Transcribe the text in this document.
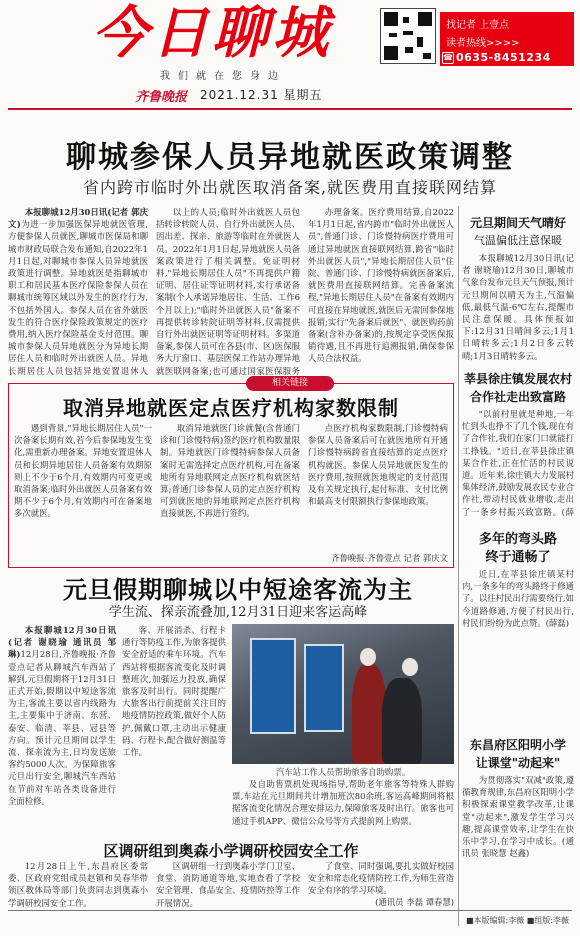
今日聊城
我们就在您身边
齐鲁晚报 2021.12.31 星期五
找记者 上壹点
读者热线>>>>
☎ 0635-8451234
聊城参保人员异地就医政策调整
省内跨市临时外出就医取消备案,就医费用直接联网结算

本报聊城12月30日讯(记者 郭庆文)为进一步加强医保异地就医管理,方便参保人员就医,聊城市医保局和聊城市财政局联合发布通知,自2022年1月1日起,对聊城市参保人员异地就医政策进行调整。异地就医是指聊城市职工和居民基本医疗保险参保人员在聊城市统筹区域以外发生的医疗行为,不包括外国人。参保人员在省外就医发生的符合医疗保险政策规定的医疗费用,纳入医疗保险基金支付范围。聊城市参保人员异地就医分为异地长期居住人员和临时外出就医人员。异地长期居住人员包括异地安置退休人

以上的人员;临时外出就医人员包括转诊转院人员、自行外出就医人员、因出差、探亲、旅游等临时在外就医人员。2022年1月1日起,异地就医人员备案政策进行了相关调整。免证明材料,"异地长期居住人员"不再提供户籍证明、居住证等证明材料,实行承诺备案制(个人承诺异地居住、生活、工作6个月以上);"临时外出就医人员"备案不再提供转诊转院证明等材料,仅需提供自行外出就医证明等证明材料。多渠道备案,参保人员可在各县(市、区)医保服务大厅窗口、基层医保工作站办理异地就医联网备案;也可通过国家医保服务

办理备案。医疗费用结算,自2022年1月1日起,省内跨市"临时外出就医人员",普通门诊、门诊慢特病医疗费用可通过异地就医直接联网结算,跨省"临时外出就医人员","异地长期居住人员"住院、普通门诊、门诊慢特病就医备案后,就医费用直接联网结算。完善备案流程,"异地长期居住人员"在备案有效期内可直接在异地就医,就医后无需回参保地报销;实行"先备案后就医"、就医购药前备案(含补办备案)的,按规定享受医保报销待遇,且不再进行追溯报销,确保参保人员合法权益。

相关链接
取消异地就医定点医疗机构家数限制

遇到背景,"异地长期居住人员"一次备案长期有效,若今后参保地发生变化,需重新办理备案。异地安置退休人员和长期异地居住人员备案有效期原则上不少于6个月,有效期内可变更或取消备案;临时外出就医人员备案有效期不少于6个月,有效期内可在备案地多次就医。

取消异地就医门诊就餐(含普通门诊和门诊慢特病)签约医疗机构数量限制。异地就医门诊慢特病参保人员备案时无需选择定点医疗机构,可在备案地所有异地联网定点医疗机构就医结算;普通门诊参保人员的定点医疗机构可到就医地的异地联网定点医疗机构直接就医,不再进行签约。

点医疗机构家数限制,门诊慢特病参保人员备案后可在就医地所有开通门诊慢特病跨省直接结算的定点医疗机构就医。参保人员异地就医发生的医疗费用,按照就医地规定的支付范围及有关规定执行,起付标准、支付比例和最高支付限额执行参保地政策。

齐鲁晚报·齐鲁壹点 记者 郭庆文
元旦假期聊城以中短途客流为主
学生流、探亲流叠加,12月31日迎来客运高峰

本报聊城12月30日讯(记者 谢晓瑜 通讯员 邹琳)12月28日,齐鲁晚报·齐鲁壹点记者从聊城汽车西站了解到,元旦假期将于12月31日正式开始,假期以中短途客流为主,客流主要以省内线路为主,主要集中于济南、东营、泰安、临清、莘县、冠县等方向。预计元旦期间以学生流、探亲流为主,日均发送旅客约5000人次。为保障旅客元旦出行安全,聊城汽车西站在节前对车站各类设备进行全面检修。

客、开展消杀、行程卡通行等防疫工作,为旅客提供安全舒适的乘车环境。汽车西站将根据客流变化及时调整班次,加强运力投放,确保旅客及时出行。同时提醒广大旅客出行前提前关注目的地疫情防控政策,做好个人防护,佩戴口罩,主动出示健康码、行程卡,配合做好测温等工作。

汽车站工作人员帮助旅客自助购票。

及自助售票机处现场指导,帮助老年旅客等特殊人群购票,车站在元旦期间共计增加班次80余班,客运高峰期间将根据客流变化情况合理安排运力,保障旅客及时出行。旅客也可通过手机APP、微信公众号等方式提前网上购票。

区调研组到奥森小学调研校园安全工作

12月28日上午,东昌府区委常委、区政府党组成员赵镇和吴春华带领区教体局等部门负责同志到奥森小学调研校园安全工作。

区调研组一行到奥森小学门卫室、食堂、消防通道等地,实地查看了学校安全管理、食品安全、疫情防控等工作开展情况。

了食堂、同时强调,要扎实做好校园安全和常态化疫情防控工作,为师生营造安全有序的学习环境。

(通讯员 李磊 谭春慧)
元旦期间天气晴好
气温偏低注意保暖

本报聊城12月30日讯(记者 谢晓瑜)12月30日,聊城市气象台发布元旦天气预报,预计元旦期间以晴天为主,气温偏低,最低气温-6℃左右,提醒市民注意保暖。具体预报如下:12月31日晴间多云;1月1日晴转多云;1月2日多云转晴;1月3日晴转多云。

莘县徐庄镇发展农村
合作社走出致富路

"以前村里就是种地,一年忙到头也挣不了几个钱,现在有了合作社,我们在家门口就能打工挣钱。"近日,在莘县徐庄镇某合作社,正在忙活的村民说道。近年来,徐庄镇大力发展村集体经济,鼓励发展农民专业合作社,带动村民就业增收,走出了一条乡村振兴致富路。(薛

多年的弯头路
终于通畅了

近日,在莘县徐庄镇某村内,一条多年的弯头路终于修通了。以往村民出行需要绕行,如今道路修通,方便了村民出行,村民们纷纷为此点赞。(薛磊)

东昌府区阳明小学
让课堂"动起来"

为贯彻落实"双减"政策,遵循教育规律,东昌府区阳明小学积极探索课堂教学改革,让课堂"动起来",激发学生学习兴趣,提高课堂效率,让学生在快乐中学习,在学习中成长。(通讯员 张晓慧 赵鑫)

■本版编辑:李薇 ■组版:李薇
